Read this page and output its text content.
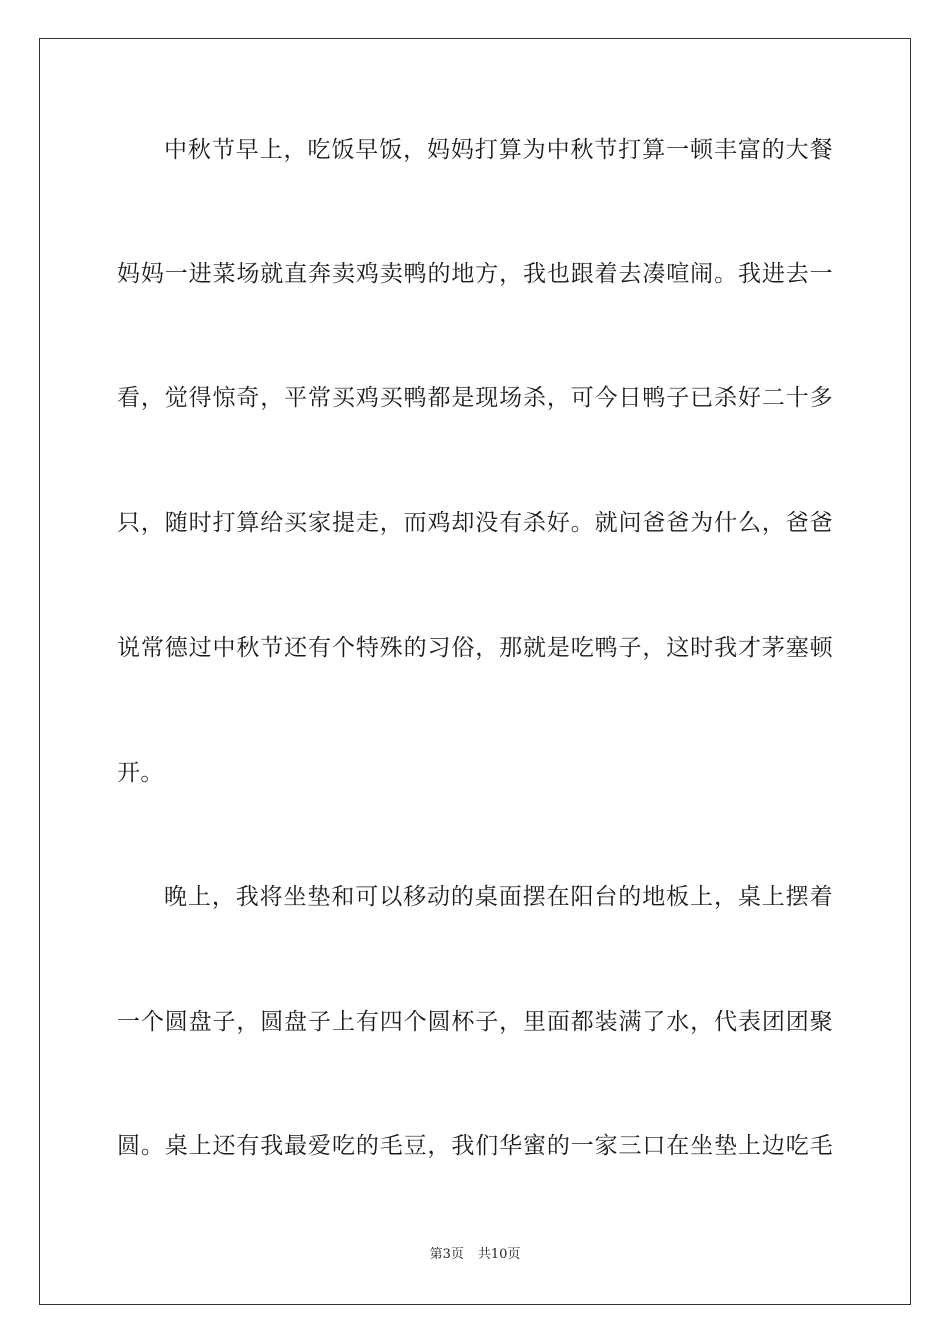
中秋节早上，吃饭早饭，妈妈打算为中秋节打算一顿丰富的大餐
妈妈一进菜场就直奔卖鸡卖鸭的地方，我也跟着去凑喧闹。我进去一
看，觉得惊奇，平常买鸡买鸭都是现场杀，可今日鸭子已杀好二十多
只，随时打算给买家提走，而鸡却没有杀好。就问爸爸为什么，爸爸
说常德过中秋节还有个特殊的习俗，那就是吃鸭子，这时我才茅塞顿
开。
晚上，我将坐垫和可以移动的桌面摆在阳台的地板上，桌上摆着
一个圆盘子，圆盘子上有四个圆杯子，里面都装满了水，代表团团聚
圆。桌上还有我最爱吃的毛豆，我们华蜜的一家三口在坐垫上边吃毛
第3页 共10页
